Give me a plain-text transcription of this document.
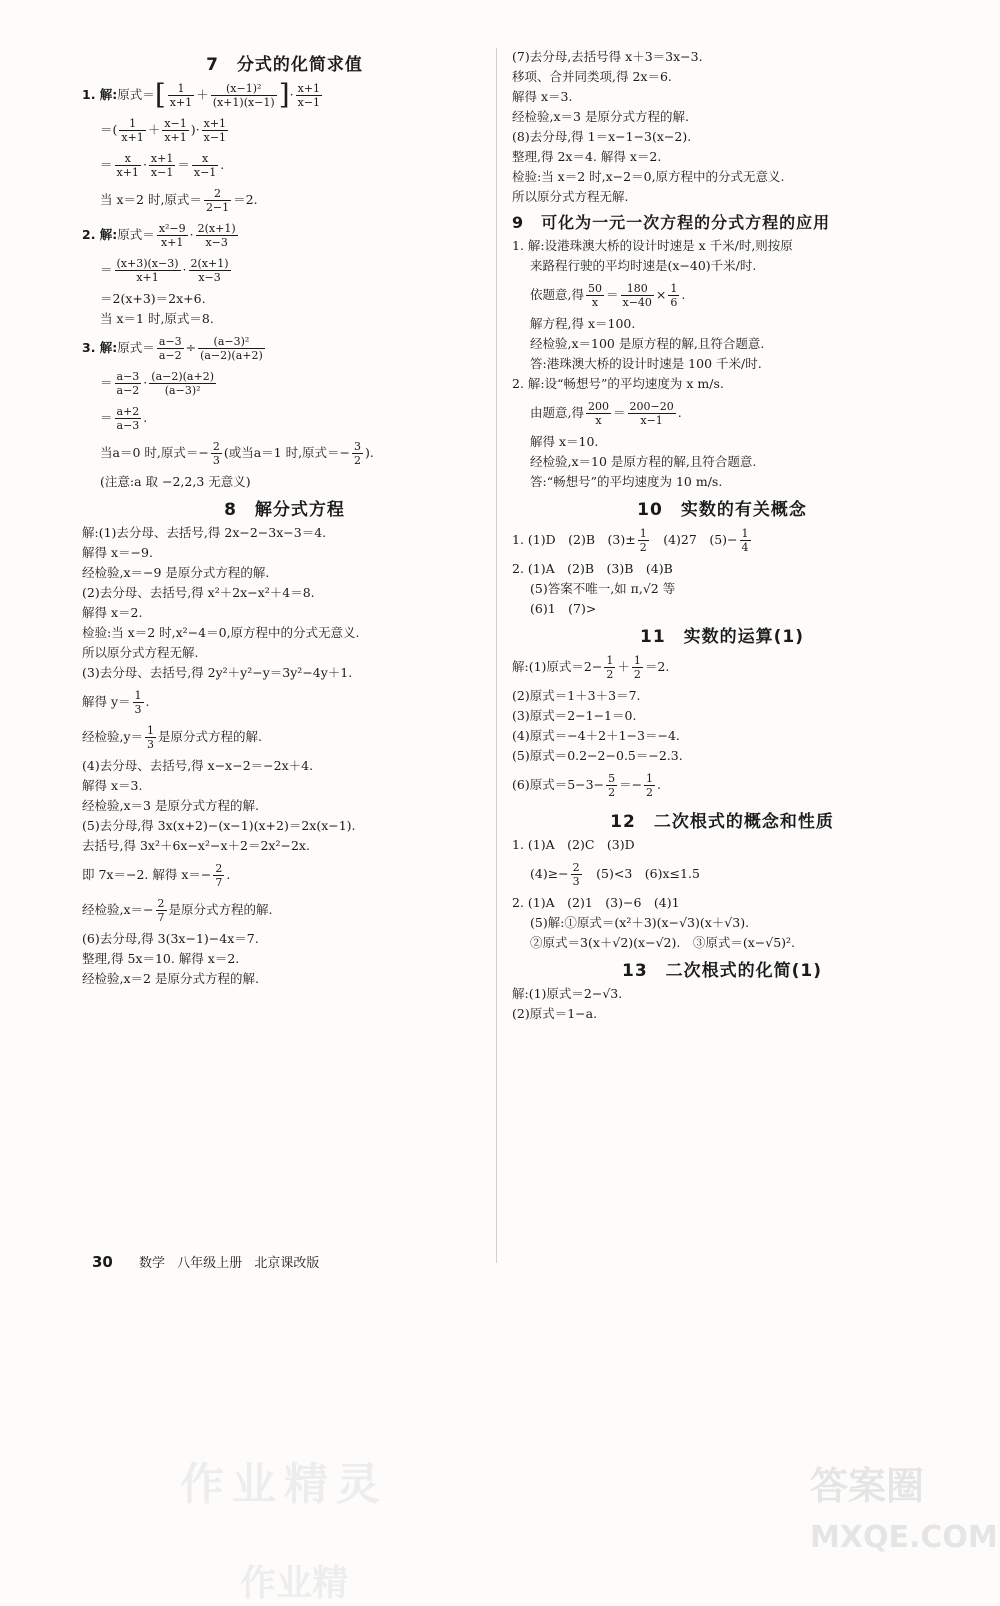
7　分式的化简求值
1. 解: 原式＝ [ $\frac{1}{x+1} + \frac{\text{(x−1)²}}{(x+1)(x-1)}$ ] · $\frac{x+1}{x-1}$
＝( $\frac{1}{x+1} + \frac{x-1}{x+1}$ )· $\frac{x+1}{x-1}$
＝ $\frac{x}{x+1} \cdot \frac{x+1}{x-1} = \frac{x}{x-1}$ .
当 x＝2 时,原式＝ $\frac{2}{2-1} =2$.
2. 解: 原式＝ $\frac{\text{x²−9}}{x+1} \cdot \frac{2(x+1)}{x-3}$
＝ $\frac{(x+3)(x-3)}{x+1} \cdot \frac{2(x+1)}{x-3}$
＝2(x+3)＝2x+6.
当 x＝1 时,原式＝8.
3. 解: 原式＝ $\frac{a-3}{a-2} \div \frac{\text{(a−3)²}}{(a-2)(a+2)}$
＝ $\frac{a-3}{a-2} \cdot \frac{(a-2)(a+2)}{\text{(a−3)²}}$
＝ $\frac{a+2}{a-3}$ .
当a＝0 时,原式＝− $\frac{2}{3}$ (或当a＝1 时,原式＝− $\frac{3}{2}$ ).
(注意:a 取 −2,2,3 无意义)
8　解分式方程
解:(1)去分母、去括号,得 2x−2−3x−3＝4.
解得 x＝−9.
经检验,x＝−9 是原分式方程的解.
(2)去分母、去括号,得 x²＋2x−x²＋4＝8.
解得 x＝2.
检验:当 x＝2 时,x²−4＝0,原方程中的分式无意义.
所以原分式方程无解.
(3)去分母、去括号,得 2y²＋y²−y＝3y²−4y＋1.
解得 $y= \frac{1}{3}$ .
经检验$,y= \frac{1}{3}$ 是原分式方程的解.
(4)去分母、去括号,得 x−x−2＝−2x＋4.
解得 x＝3.
经检验,x＝3 是原分式方程的解.
(5)去分母,得 3x(x+2)−(x−1)(x+2)＝2x(x−1).
去括号,得 3x²＋6x−x²−x＋2＝2x²−2x.
即 7x＝−2. 解得 $x=- \frac{2}{7}$ .
经检验$,x=- \frac{2}{7}$ 是原分式方程的解.
(6)去分母,得 3(3x−1)−4x＝7.
整理,得 5x＝10. 解得 x＝2.
经检验,x＝2 是原分式方程的解.
(7)去分母,去括号得 x＋3＝3x−3.
移项、合并同类项,得 2x＝6.
解得 x＝3.
经检验,x＝3 是原分式方程的解.
(8)去分母,得 1＝x−1−3(x−2).
整理,得 2x＝4. 解得 x＝2.
检验:当 x＝2 时,x−2＝0,原方程中的分式无意义.
所以原分式方程无解.
9　可化为一元一次方程的分式方程的应用
1. 解:设港珠澳大桥的设计时速是 x 千米/时,则按原
来路程行驶的平均时速是(x−40)千米/时.
依题意,得 $\frac{50}{x} = \frac{180}{x-40} \times \frac{1}{6}$ .
解方程,得 x＝100.
经检验,x＝100 是原方程的解,且符合题意.
答:港珠澳大桥的设计时速是 100 千米/时.
2. 解:设“畅想号”的平均速度为 x m/s.
由题意,得 $\frac{200}{x} = \frac{200-20}{x-1}$ .
解得 x＝10.
经检验,x＝10 是原方程的解,且符合题意.
答:“畅想号”的平均速度为 10 m/s.
10　实数的有关概念
1. (1)D　(2)B　$(3)\pm \frac{1}{2}$ 　(4)27　$(5)- \frac{1}{4}$
2. (1)A　(2)B　(3)B　(4)B
(5)答案不唯一,如 π,√2 等
(6)1　(7)>
11　实数的运算(1)
解:(1)原式$=2- \frac{1}{2} + \frac{1}{2} =2$.
(2)原式＝1＋3＋3＝7.
(3)原式＝2−1−1＝0.
(4)原式＝−4＋2＋1−3＝−4.
(5)原式＝0.2−2−0.5＝−2.3.
(6)原式$=5-3- \frac{5}{2} =- \frac{1}{2}$ .
12　二次根式的概念和性质
1. (1)A　(2)C　(3)D
$(4)\ge- \frac{2}{3}$ 　(5)<3　(6)x≤1.5
2. (1)A　(2)1　(3)−6　(4)1
(5)解:①原式＝(x²＋3)(x−√3)(x＋√3).
②原式＝3(x＋√2)(x−√2).　③原式＝(x−√5)².
13　二次根式的化简(1)
解:(1)原式＝2−√3.
(2)原式＝1−a.
30 数学 八年级上册 北京课改版
作业精灵
作业精
答案圈
MXQE.COM
